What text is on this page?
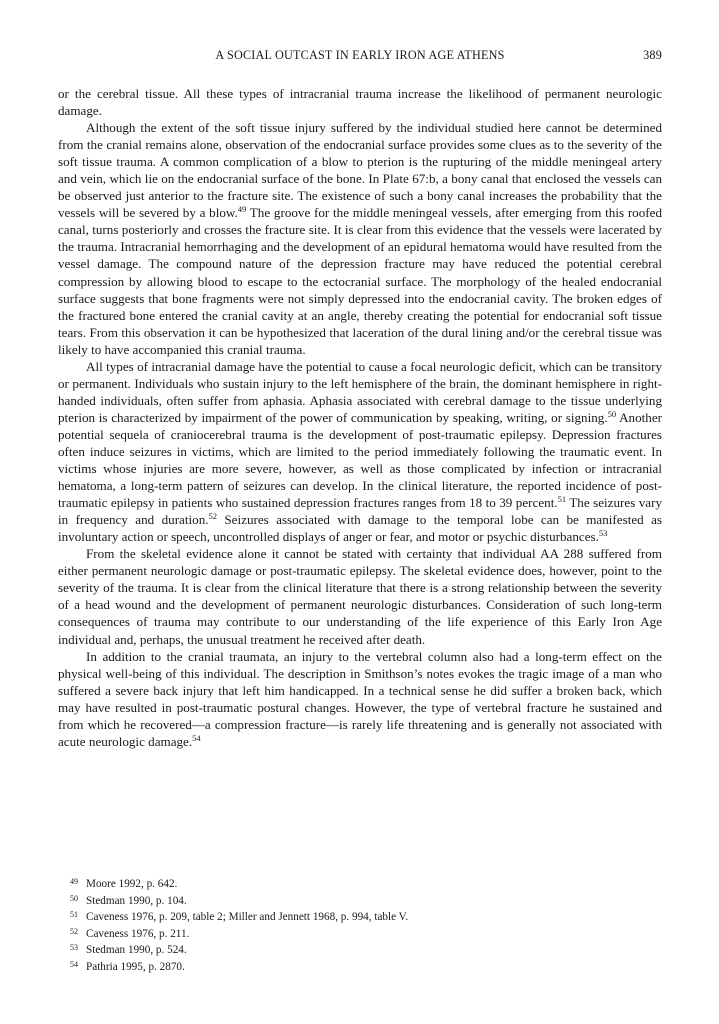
A SOCIAL OUTCAST IN EARLY IRON AGE ATHENS	389

or the cerebral tissue. All these types of intracranial trauma increase the likelihood of permanent neurologic damage.

Although the extent of the soft tissue injury suffered by the individual studied here cannot be determined from the cranial remains alone, observation of the endocranial surface provides some clues as to the severity of the soft tissue trauma. A common complication of a blow to pterion is the rupturing of the middle meningeal artery and vein, which lie on the endocranial surface of the bone. In Plate 67:b, a bony canal that enclosed the vessels can be observed just anterior to the fracture site. The existence of such a bony canal increases the probability that the vessels will be severed by a blow.$^{49}$ The groove for the middle meningeal vessels, after emerging from this roofed canal, turns posteriorly and crosses the fracture site. It is clear from this evidence that the vessels were lacerated by the trauma. Intracranial hemorrhaging and the development of an epidural hematoma would have resulted from the vessel damage. The compound nature of the depression fracture may have reduced the potential cerebral compression by allowing blood to escape to the ectocranial surface. The morphology of the healed endocranial surface suggests that bone fragments were not simply depressed into the endocranial cavity. The broken edges of the fractured bone entered the cranial cavity at an angle, thereby creating the potential for endocranial soft tissue tears. From this observation it can be hypothesized that laceration of the dural lining and/or the cerebral tissue was likely to have accompanied this cranial trauma.

All types of intracranial damage have the potential to cause a focal neurologic deficit, which can be transitory or permanent. Individuals who sustain injury to the left hemisphere of the brain, the dominant hemisphere in right-handed individuals, often suffer from aphasia. Aphasia associated with cerebral damage to the tissue underlying pterion is characterized by impairment of the power of communication by speaking, writing, or signing.$^{50}$ Another potential sequela of craniocerebral trauma is the development of post-traumatic epilepsy. Depression fractures often induce seizures in victims, which are limited to the period immediately following the traumatic event. In victims whose injuries are more severe, however, as well as those complicated by infection or intracranial hematoma, a long-term pattern of seizures can develop. In the clinical literature, the reported incidence of post-traumatic epilepsy in patients who sustained depression fractures ranges from 18 to 39 percent.$^{51}$ The seizures vary in frequency and duration.$^{52}$ Seizures associated with damage to the temporal lobe can be manifested as involuntary action or speech, uncontrolled displays of anger or fear, and motor or psychic disturbances.$^{53}$

From the skeletal evidence alone it cannot be stated with certainty that individual AA 288 suffered from either permanent neurologic damage or post-traumatic epilepsy. The skeletal evidence does, however, point to the severity of the trauma. It is clear from the clinical literature that there is a strong relationship between the severity of a head wound and the development of permanent neurologic disturbances. Consideration of such long-term consequences of trauma may contribute to our understanding of the life experience of this Early Iron Age individual and, perhaps, the unusual treatment he received after death.

In addition to the cranial traumata, an injury to the vertebral column also had a long-term effect on the physical well-being of this individual. The description in Smithson’s notes evokes the tragic image of a man who suffered a severe back injury that left him handicapped. In a technical sense he did suffer a broken back, which may have resulted in post-traumatic postural changes. However, the type of vertebral fracture he sustained and from which he recovered—a compression fracture—is rarely life threatening and is generally not associated with acute neurologic damage.$^{54}$

49 Moore 1992, p. 642.

50 Stedman 1990, p. 104.

51 Caveness 1976, p. 209, table 2; Miller and Jennett 1968, p. 994, table V.

52 Caveness 1976, p. 211.

53 Stedman 1990, p. 524.

54 Pathria 1995, p. 2870.
